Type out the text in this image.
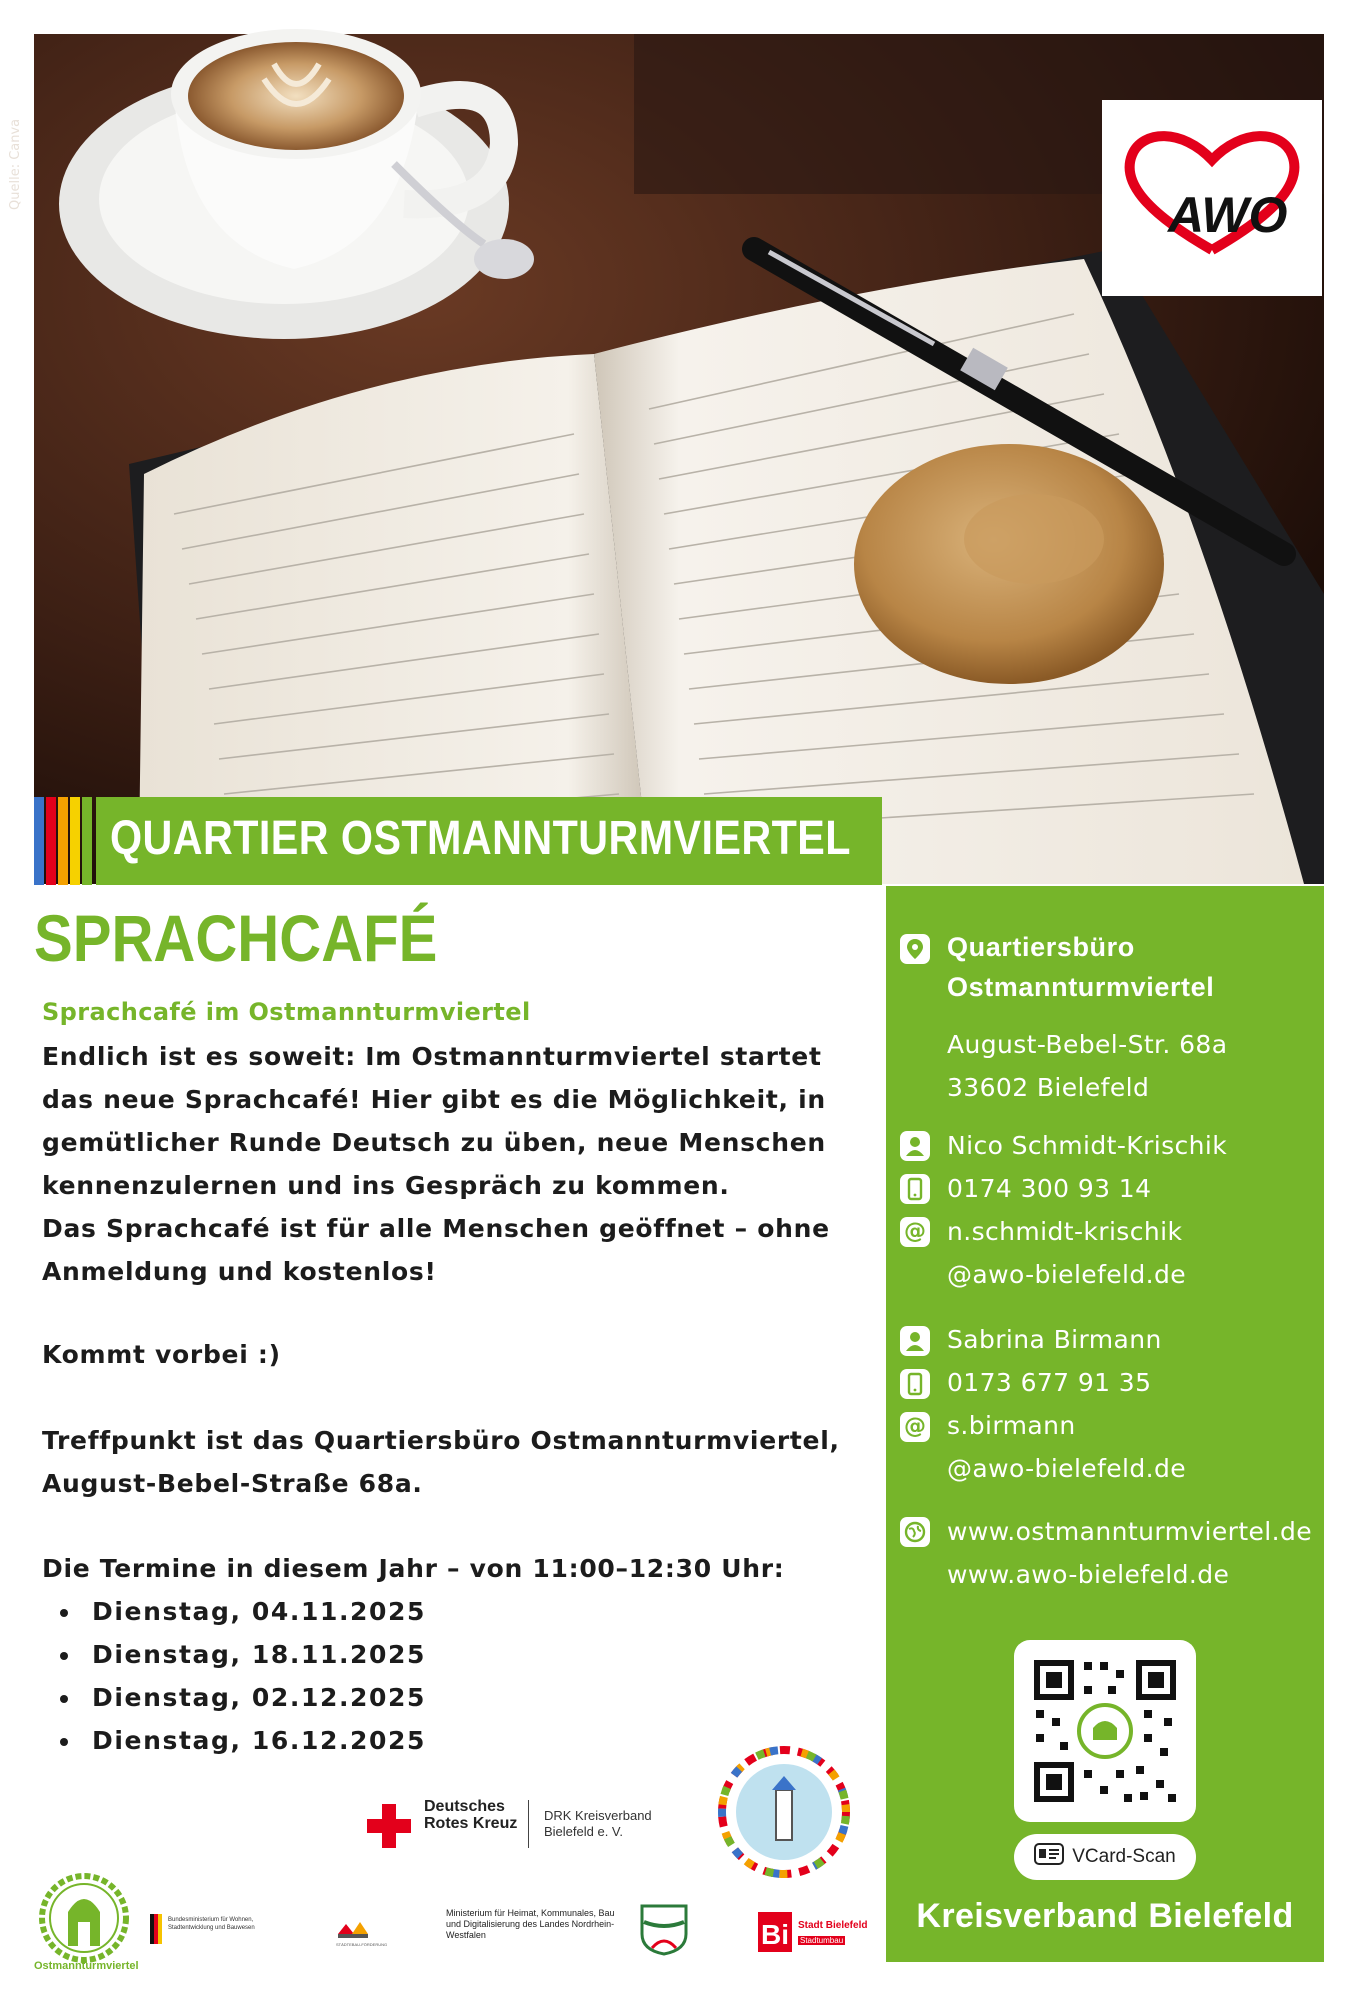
Quelle: Canva
AWO
QUARTIER OSTMANNTURMVIERTEL
SPRACHCAFÉ
Sprachcafé im Ostmannturmviertel
Endlich ist es soweit: Im Ostmannturmviertel startet
das neue Sprachcafé! Hier gibt es die Möglichkeit, in
gemütlicher Runde Deutsch zu üben, neue Menschen
kennenzulernen und ins Gespräch zu kommen.
Das Sprachcafé ist für alle Menschen geöffnet – ohne
Anmeldung und kostenlos!
Kommt vorbei :)
Treffpunkt ist das Quartiersbüro Ostmannturmviertel,
August-Bebel-Straße 68a.
Die Termine in diesem Jahr – von 11:00–12:30 Uhr:
Dienstag, 04.11.2025
Dienstag, 18.11.2025
Dienstag, 02.12.2025
Dienstag, 16.12.2025
Quartiersbüro
Ostmannturmviertel
August-Bebel-Str. 68a
33602 Bielefeld
Nico Schmidt-Krischik
0174 300 93 14
@ n.schmidt-krischik
@awo-bielefeld.de
Sabrina Birmann
0173 677 91 35
@ s.birmann
@awo-bielefeld.de
www.ostmannturmviertel.de
www.awo-bielefeld.de
VCard-Scan
Kreisverband Bielefeld
Deutsches Rotes Kreuz	DRK Kreisverband Bielefeld e. V.
Ostmannturmviertel
Bundesministerium für Wohnen, Stadtentwicklung und Bauwesen
STÄDTEBAU-FÖRDERUNG
Ministerium für Heimat, Kommunales, Bau und Digitalisierung des Landes Nordrhein-Westfalen	Bi Stadt Bielefeld
Stadtumbau
